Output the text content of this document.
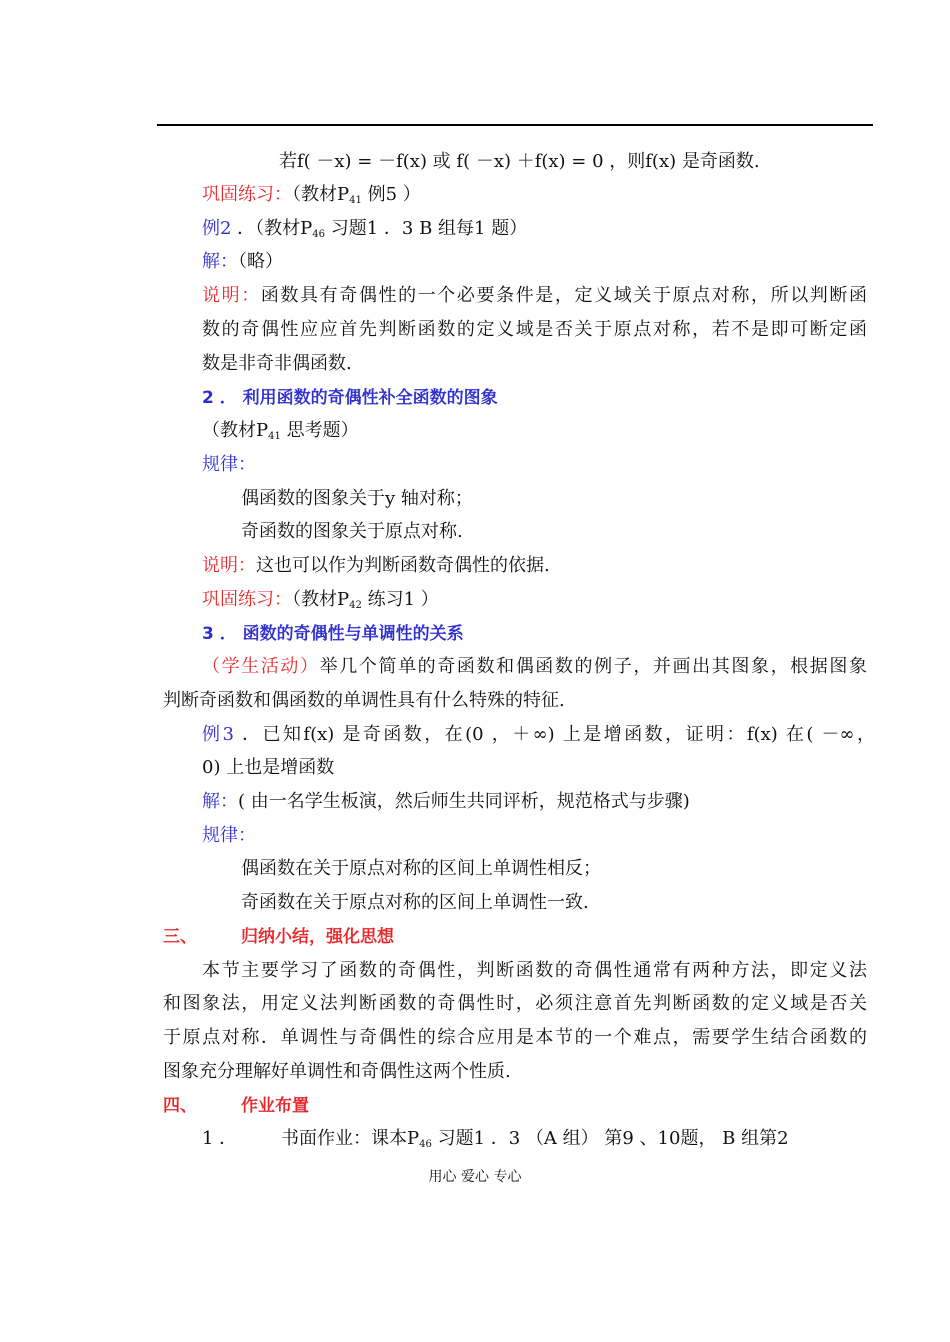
若f( －x) = －f(x) 或 f( －x) ＋f(x) = 0 ，则f(x) 是奇函数.
巩固练习：（教材$P_{41}$ 例5 ）
例2 ．（教材$P_{46}$ 习题1 ．3 B 组每1 题）
解：（略）
说明：函数具有奇偶性的一个必要条件是，定义域关于原点对称，所以判断函
数的奇偶性应应首先判断函数的定义域是否关于原点对称，若不是即可断定函
数是非奇非偶函数.
2 ． 利用函数的奇偶性补全函数的图象
（教材$P_{41}$ 思考题）
规律：
偶函数的图象关于y 轴对称；
奇函数的图象关于原点对称.
说明：这也可以作为判断函数奇偶性的依据.
巩固练习：（教材$P_{42}$ 练习1 ）
3 ． 函数的奇偶性与单调性的关系
（学生活动）举几个简单的奇函数和偶函数的例子，并画出其图象，根据图象
判断奇函数和偶函数的单调性具有什么特殊的特征.
例3 ．已知f(x) 是奇函数，在(0 ，＋∞) 上是增函数，证明：f(x) 在( －∞，
0) 上也是增函数
解：( 由一名学生板演，然后师生共同评析，规范格式与步骤)
规律：
偶函数在关于原点对称的区间上单调性相反；
奇函数在关于原点对称的区间上单调性一致.
三、	归纳小结，强化思想
本节主要学习了函数的奇偶性，判断函数的奇偶性通常有两种方法，即定义法
和图象法，用定义法判断函数的奇偶性时，必须注意首先判断函数的定义域是否关
于原点对称．单调性与奇偶性的综合应用是本节的一个难点，需要学生结合函数的
图象充分理解好单调性和奇偶性这两个性质.
四、	作业布置
1 ． 书面作业：课本$P_{46}$ 习题1 ．3 （A 组） 第9 、10题， B 组第2
用心 爱心 专心
